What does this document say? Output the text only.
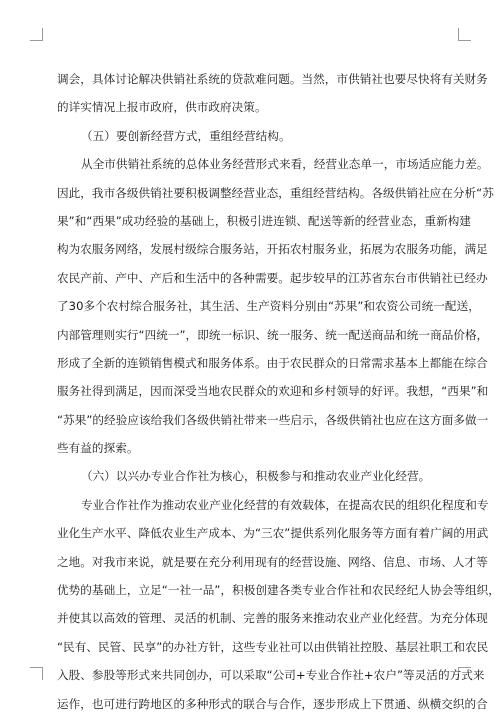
调会，具体讨论解决供销社系统的贷款难问题。当然，市供销社也要尽快将有关财务
的详实情况上报市政府，供市政府决策。
（五）要创新经营方式，重组经营结构。
从全市供销社系统的总体业务经营形式来看，经营业态单一，市场适应能力差。
因此，我市各级供销社要积极调整经营业态，重组经营结构。各级供销社应在分析“苏
果”和“西果”成功经验的基础上，积极引进连锁、配送等新的经营业态，重新构建
构为农服务网络，发展村级综合服务站，开拓农村服务业，拓展为农服务功能，满足
农民产前、产中、产后和生活中的各种需要。起步较早的江苏省东台市供销社已经办
了30多个农村综合服务社，其生活、生产资料分别由“苏果”和农资公司统一配送，
内部管理则实行“四统一”，即统一标识、统一服务、统一配送商品和统一商品价格，
形成了全新的连锁销售模式和服务体系。由于农民群众的日常需求基本上都能在综合
服务社得到满足，因而深受当地农民群众的欢迎和乡村领导的好评。我想，“西果”和
“苏果”的经验应该给我们各级供销社带来一些启示，各级供销社也应在这方面多做一
些有益的探索。
（六）以兴办专业合作社为核心，积极参与和推动农业产业化经营。
专业合作社作为推动农业产业化经营的有效载体，在提高农民的组织化程度和专
业化生产水平、降低农业生产成本、为“三农”提供系列化服务等方面有着广阔的用武
之地。对我市来说，就是要在充分利用现有的经营设施、网络、信息、市场、人才等
优势的基础上，立足“一社一品”，积极创建各类专业合作社和农民经纪人协会等组织，
并使其以高效的管理、灵活的机制、完善的服务来推动农业产业化经营。为充分体现
“民有、民管、民享”的办社方针，这些专业社可以由供销社控股、基层社职工和农民
入股、参股等形式来共同创办，可以采取“公司+专业合作社+农户”等灵活的方式来
运作，也可进行跨地区的多种形式的联合与合作，逐步形成上下贯通、纵横交织的合
